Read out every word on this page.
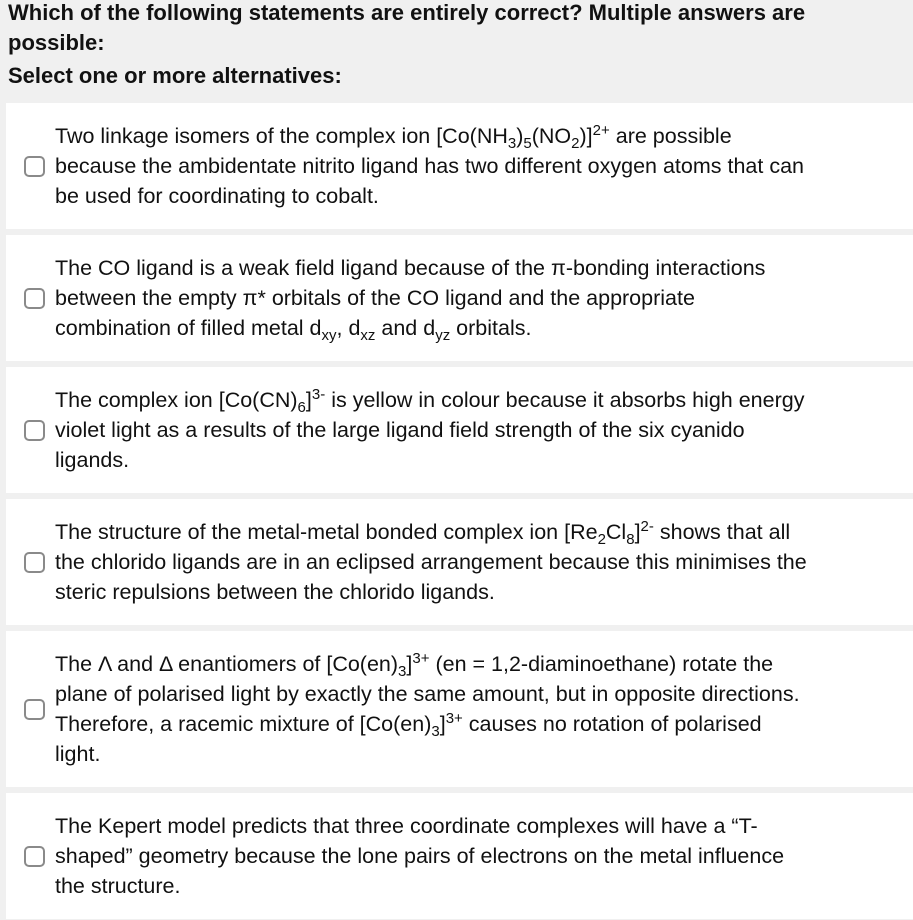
Which of the following statements are entirely correct? Multiple answers are
possible:
Select one or more alternatives:
Two linkage isomers of the complex ion $[Co(NH_3)_5(NO_2)]^{2+}$ are possible
because the ambidentate nitrito ligand has two different oxygen atoms that can
be used for coordinating to cobalt.
The CO ligand is a weak field ligand because of the π-bonding interactions
between the empty π* orbitals of the CO ligand and the appropriate
combination of filled metal $d_{xy}$, $d_{xz}$ and $d_{yz}$ orbitals.
The complex ion $[Co(CN)_6]^{3-}$ is yellow in colour because it absorbs high energy
violet light as a results of the large ligand field strength of the six cyanido
ligands.
The structure of the metal-metal bonded complex ion $[Re_2Cl_8]^{2-}$ shows that all
the chlorido ligands are in an eclipsed arrangement because this minimises the
steric repulsions between the chlorido ligands.
The Λ and Δ enantiomers of $[Co(en)_3]^{3+}$ (en = 1,2-diaminoethane) rotate the
plane of polarised light by exactly the same amount, but in opposite directions.
Therefore, a racemic mixture of $[Co(en)_3]^{3+}$ causes no rotation of polarised
light.
The Kepert model predicts that three coordinate complexes will have a “T-
shaped” geometry because the lone pairs of electrons on the metal influence
the structure.
